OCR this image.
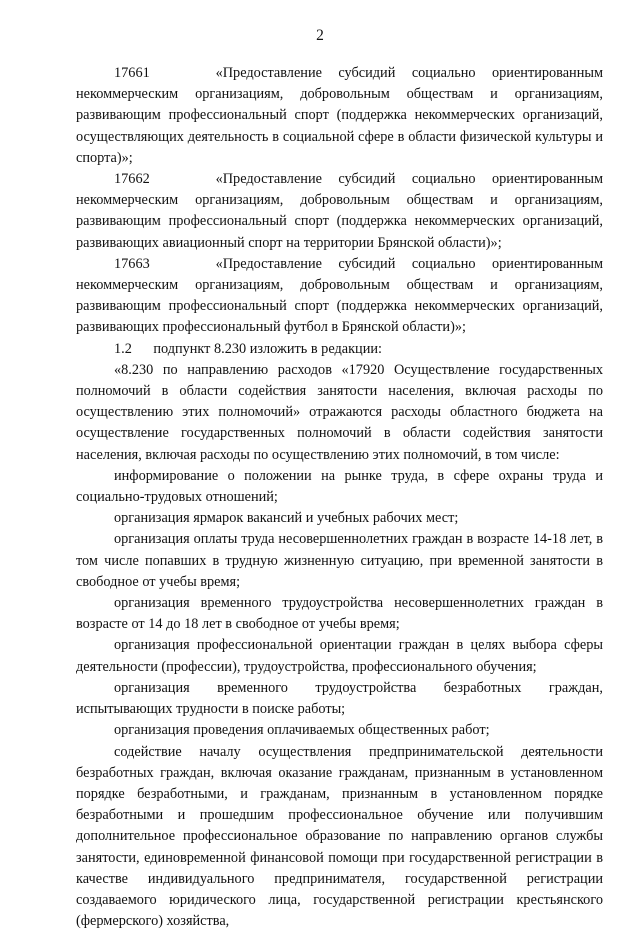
2

17661    «Предоставление субсидий социально ориентированным некоммерческим организациям, добровольным обществам и организациям, развивающим профессиональный спорт (поддержка некоммерческих организаций, осуществляющих деятельность в социальной сфере в области физической культуры и спорта)»;

17662    «Предоставление субсидий социально ориентированным некоммерческим организациям, добровольным обществам и организациям, развивающим профессиональный спорт (поддержка некоммерческих организаций, развивающих авиационный спорт на территории Брянской области)»;

17663    «Предоставление субсидий социально ориентированным некоммерческим организациям, добровольным обществам и организациям, развивающим профессиональный спорт (поддержка некоммерческих организаций, развивающих профессиональный футбол в Брянской области)»;

1.2      подпункт 8.230 изложить в редакции:

«8.230 по направлению расходов «17920 Осуществление государственных полномочий в области содействия занятости населения, включая расходы по осуществлению этих полномочий» отражаются расходы областного бюджета на осуществление государственных полномочий в области содействия занятости населения, включая расходы по осуществлению этих полномочий, в том числе:

информирование о положении на рынке труда, в сфере охраны труда и социально-трудовых отношений;

организация ярмарок вакансий и учебных рабочих мест;

организация оплаты труда несовершеннолетних граждан в возрасте 14-18 лет, в том числе попавших в трудную жизненную ситуацию, при временной занятости в свободное от учебы время;

организация временного трудоустройства несовершеннолетних граждан в возрасте от 14 до 18 лет в свободное от учебы время;

организация профессиональной ориентации граждан в целях выбора сферы деятельности (профессии), трудоустройства, профессионального обучения;

организация временного трудоустройства безработных граждан, испытывающих трудности в поиске работы;

организация проведения оплачиваемых общественных работ;

содействие началу осуществления предпринимательской деятельности безработных граждан, включая оказание гражданам, признанным в установленном порядке безработными, и гражданам, признанным в установленном порядке безработными и прошедшим профессиональное обучение или получившим дополнительное профессиональное образование по направлению органов службы занятости, единовременной финансовой помощи при государственной регистрации в качестве индивидуального предпринимателя, государственной регистрации создаваемого юридического лица, государственной регистрации крестьянского (фермерского) хозяйства,
